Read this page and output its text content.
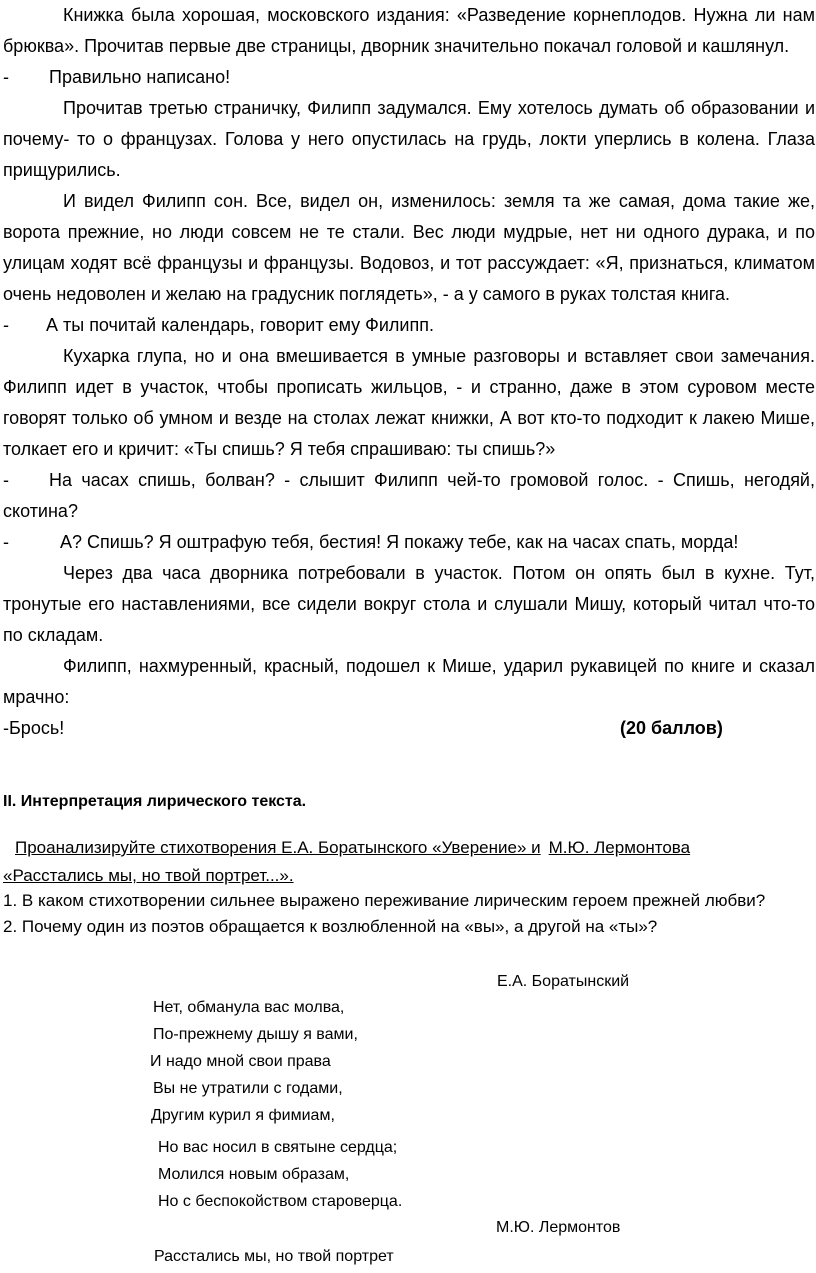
Книжка была хорошая, московского издания: «Разведение корнеплодов. Нужна ли нам брюква». Прочитав первые две страницы, дворник значительно покачал головой и кашлянул.

- Правильно написано!

Прочитав третью страничку, Филипп задумался. Ему хотелось думать об образовании и почему- то о французах. Голова у него опустилась на грудь, локти уперлись в колена. Глаза прищурились.

И видел Филипп сон. Все, видел он, изменилось: земля та же самая, дома такие же, ворота прежние, но люди совсем не те стали. Вес люди мудрые, нет ни одного дурака, и по улицам ходят всё французы и французы. Водовоз, и тот рассуждает: «Я, признаться, климатом очень недоволен и желаю на градусник поглядеть», - а у самого в руках толстая книга.

- А ты почитай календарь, говорит ему Филипп.

Кухарка глупа, но и она вмешивается в умные разговоры и вставляет свои замечания. Филипп идет в участок, чтобы прописать жильцов, - и странно, даже в этом суровом месте говорят только об умном и везде на столах лежат книжки, А вот кто-то подходит к лакею Мише, толкает его и кричит: «Ты спишь? Я тебя спрашиваю: ты спишь?»

- На часах спишь, болван? - слышит Филипп чей-то громовой голос. - Спишь, негодяй, скотина?

-	А? Спишь? Я оштрафую тебя, бестия! Я покажу тебе, как на часах спать, морда!

Через два часа дворника потребовали в участок. Потом он опять был в кухне. Тут, тронутые его наставлениями, все сидели вокруг стола и слушали Мишу, который читал что-то по складам.

Филипп, нахмуренный, красный, подошел к Мише, ударил рукавицей по книге и сказал мрачно:

-Брось!	(20 баллов)

II. Интерпретация лирического текста.

Проанализируйте стихотворения Е.А. Боратынского «Уверение» и М.Ю. Лермонтова

«Расстались мы, но твой портрет...».

1. В каком стихотворении сильнее выражено переживание лирическим героем прежней любви?

2. Почему один из поэтов обращается к возлюбленной на «вы», а другой на «ты»?

Е.А. Боратынский
Нет, обманула вас молва,
По-прежнему дышу я вами,
И надо мной свои права
Вы не утратили с годами,
Другим курил я фимиам,
Но вас носил в святыне сердца;
Молился новым образам,
Но с беспокойством староверца.
М.Ю. Лермонтов
Расстались мы, но твой портрет
